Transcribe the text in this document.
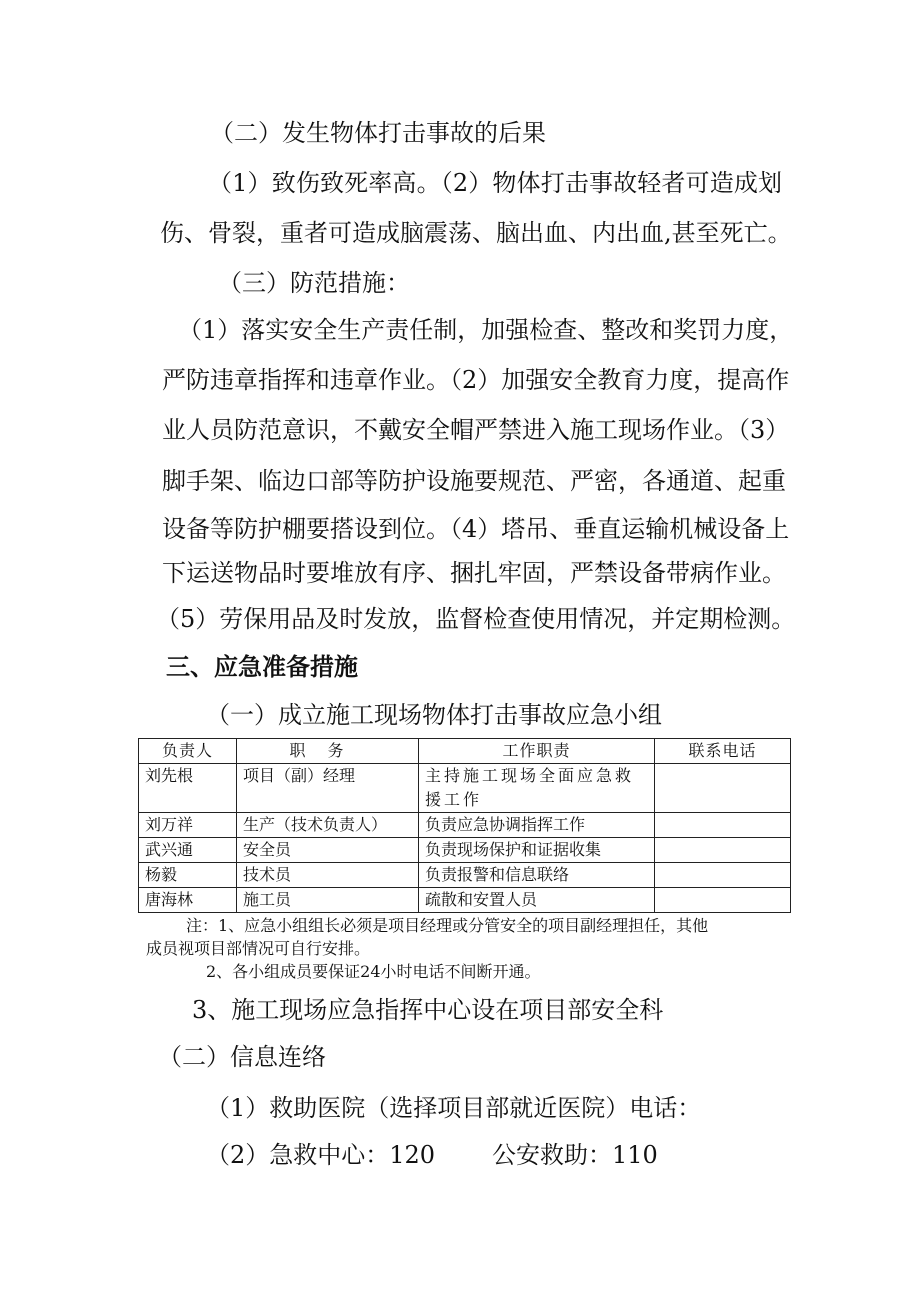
（二）发生物体打击事故的后果
（1）致伤致死率高。（2）物体打击事故轻者可造成划
伤、骨裂，重者可造成脑震荡、脑出血、内出血,甚至死亡。
（三）防范措施：
（1）落实安全生产责任制，加强检查、整改和奖罚力度，
严防违章指挥和违章作业。（2）加强安全教育力度，提高作
业人员防范意识，不戴安全帽严禁进入施工现场作业。（3）
脚手架、临边口部等防护设施要规范、严密，各通道、起重
设备等防护棚要搭设到位。（4）塔吊、垂直运输机械设备上
下运送物品时要堆放有序、捆扎牢固，严禁设备带病作业。
（5）劳保用品及时发放，监督检查使用情况，并定期检测。
三、应急准备措施
（一）成立施工现场物体打击事故应急小组
负责人	职务	工作职责	联系电话
刘先根	项目（副）经理	主持施工现场全面应急救援工作	
刘万祥	生产（技术负责人）	负责应急协调指挥工作	
武兴通	安全员	负责现场保护和证据收集	
杨毅	技术员	负责报警和信息联络	
唐海林	施工员	疏散和安置人员	
注：1、应急小组组长必须是项目经理或分管安全的项目副经理担任，其他
成员视项目部情况可自行安排。
2、各小组成员要保证24小时电话不间断开通。
3、施工现场应急指挥中心设在项目部安全科
（二）信息连络
（1）救助医院（选择项目部就近医院）电话：
（2）急救中心：120 公安救助：110
